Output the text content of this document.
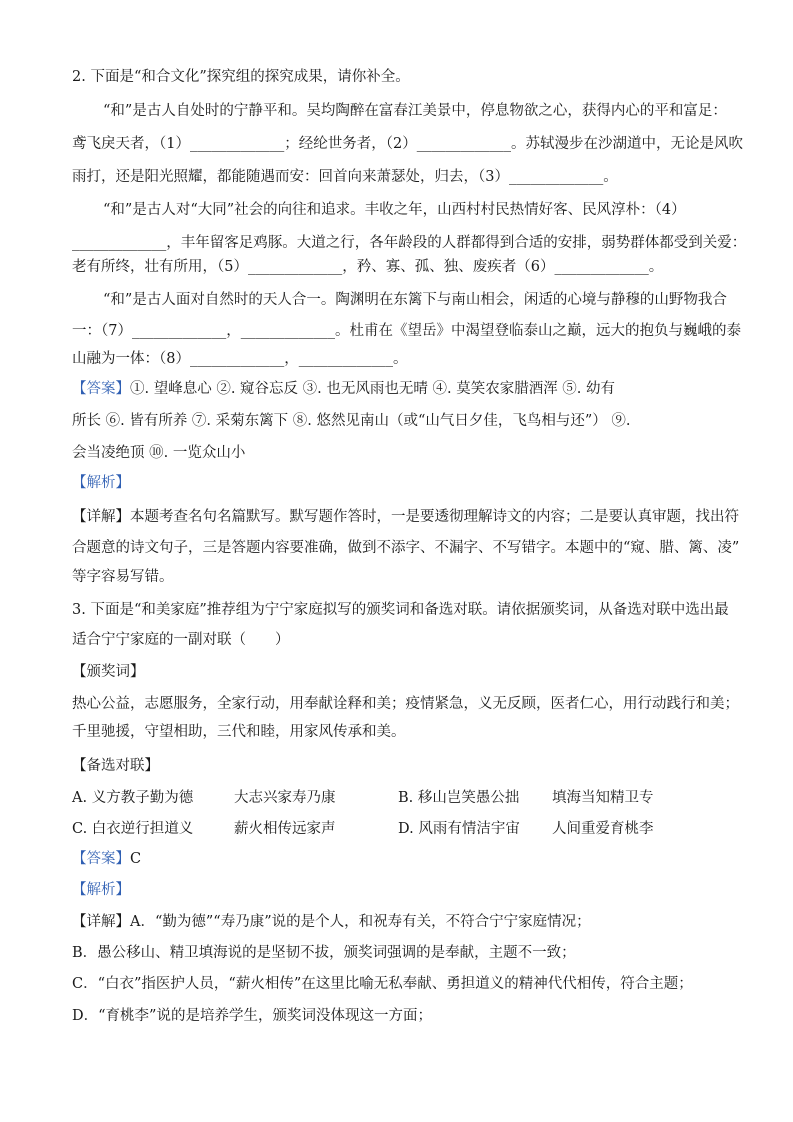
2. 下面是“和合文化”探究组的探究成果，请你补全。
“和”是古人自处时的宁静平和。吴均陶醉在富春江美景中，停息物欲之心，获得内心的平和富足：
鸢飞戾天者，（1）_____________；经纶世务者，（2）_____________。苏轼漫步在沙湖道中，无论是风吹
雨打，还是阳光照耀，都能随遇而安：回首向来萧瑟处，归去，（3）_____________。
“和”是古人对“大同”社会的向往和追求。丰收之年，山西村村民热情好客、民风淳朴：（4）
_____________，丰年留客足鸡豚。大道之行，各年龄段的人群都得到合适的安排，弱势群体都受到关爱：
老有所终，壮有所用，（5）_____________，矜、寡、孤、独、废疾者（6）_____________。
“和”是古人面对自然时的天人合一。陶渊明在东篱下与南山相会，闲适的心境与静穆的山野物我合
一：（7）_____________，_____________。杜甫在《望岳》中渴望登临泰山之巅，远大的抱负与巍峨的泰
山融为一体：（8）_____________，_____________。
【答案】①. 望峰息心 ②. 窥谷忘反 ③. 也无风雨也无晴 ④. 莫笑农家腊酒浑 ⑤. 幼有
所长 ⑥. 皆有所养 ⑦. 采菊东篱下 ⑧. 悠然见南山（或“山气日夕佳，飞鸟相与还”） ⑨.
会当凌绝顶 ⑩. 一览众山小
【解析】
【详解】本题考查名句名篇默写。默写题作答时，一是要透彻理解诗文的内容；二是要认真审题，找出符
合题意的诗文句子，三是答题内容要准确，做到不添字、不漏字、不写错字。本题中的“窥、腊、篱、凌”
等字容易写错。
3. 下面是“和美家庭”推荐组为宁宁家庭拟写的颁奖词和备选对联。请依据颁奖词，从备选对联中选出最
适合宁宁家庭的一副对联（　　）
【颁奖词】
热心公益，志愿服务，全家行动，用奉献诠释和美；疫情紧急，义无反顾，医者仁心，用行动践行和美；
千里驰援，守望相助，三代和睦，用家风传承和美。
【备选对联】
A. 义方教子勤为德	大志兴家寿乃康	B. 移山岂笑愚公拙 填海当知精卫专
C. 白衣逆行担道义	薪火相传远家声	D. 风雨有情洁宇宙 人间重爱育桃李
【答案】C
【解析】
【详解】A．“勤为德”“寿乃康”说的是个人，和祝寿有关，不符合宁宁家庭情况；
B．愚公移山、精卫填海说的是坚韧不拔，颁奖词强调的是奉献，主题不一致；
C．“白衣”指医护人员，“薪火相传”在这里比喻无私奉献、勇担道义的精神代代相传，符合主题；
D．“育桃李”说的是培养学生，颁奖词没体现这一方面；
